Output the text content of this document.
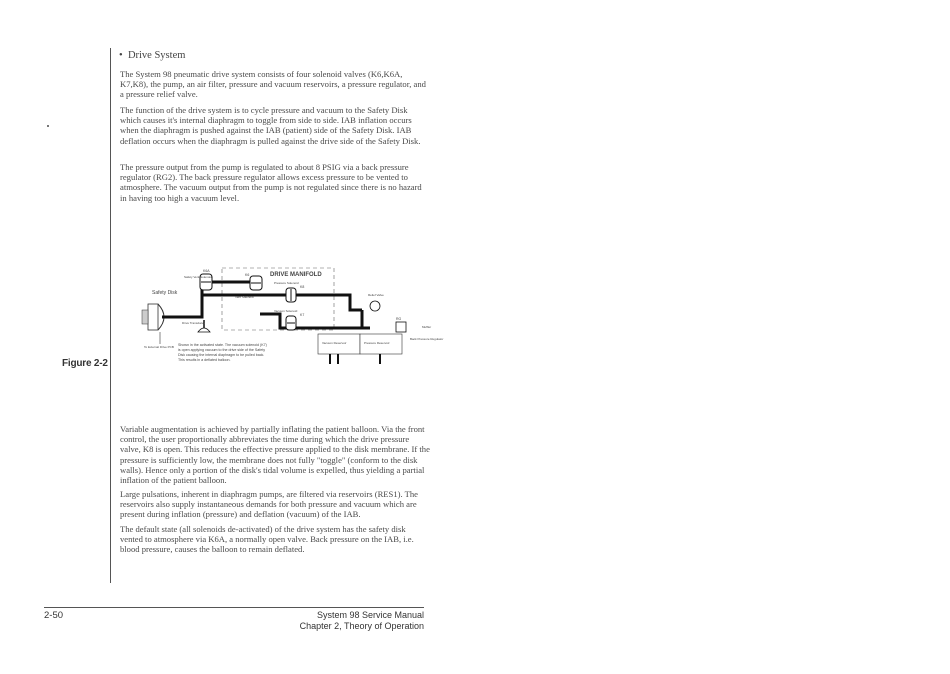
Figure 2-2
•  Drive System

The System 98 pneumatic drive system consists of four solenoid valves (K6,K6A, K7,K8), the pump, an air filter, pressure and vacuum reservoirs, a pressure regulator, and a pressure relief valve.

The function of the drive system is to cycle pressure and vacuum to the Safety Disk which causes it's internal diaphragm to toggle from side to side. IAB inflation occurs when the diaphragm is pushed against the IAB (patient) side of the Safety Disk. IAB deflation occurs when the diaphragm is pulled against the drive side of the Safety Disk.

The pressure output from the pump is regulated to about 8 PSIG via a back pressure regulator (RG2). The back pressure regulator allows excess pressure to be vented to atmosphere. The vacuum output from the pump is not regulated since there is no hazard in having too high a vacuum level.

DRIVE MANIFOLD
Safety Disk
K6A
Safety Vent Solenoid	K6
Vent Solenoid
K8
Pressure Solenoid
K7
Vacuum Solenoid
Drive Transducer
Relief Valve
RG
Back Pressure Regulator
Muffler
Vacuum Reservoir	Pressure Reservoir
To External Drive PCB Shown in the activated state. The vacuum solenoid (K7)
is open applying vacuum to the drive side of the Safety
Disk causing the internal diaphragm to be pulled back.
This results in a deflated balloon.

Variable augmentation is achieved by partially inflating the patient balloon. Via the front control, the user proportionally abbreviates the time during which the drive pressure valve, K8 is open. This reduces the effective pressure applied to the disk membrane. If the pressure is sufficiently low, the membrane does not fully "toggle" (conform to the disk walls). Hence only a portion of the disk's tidal volume is expelled, thus yielding a partial inflation of the patient balloon.

Large pulsations, inherent in diaphragm pumps, are filtered via reservoirs (RES1). The reservoirs also supply instantaneous demands for both pressure and vacuum which are present during inflation (pressure) and deflation (vacuum) of the IAB.

The default state (all solenoids de-activated) of the drive system has the safety disk vented to atmosphere via K6A, a normally open valve. Back pressure on the IAB, i.e. blood pressure, causes the balloon to remain deflated.

2-50	System 98 Service Manual
Chapter 2, Theory of Operation
